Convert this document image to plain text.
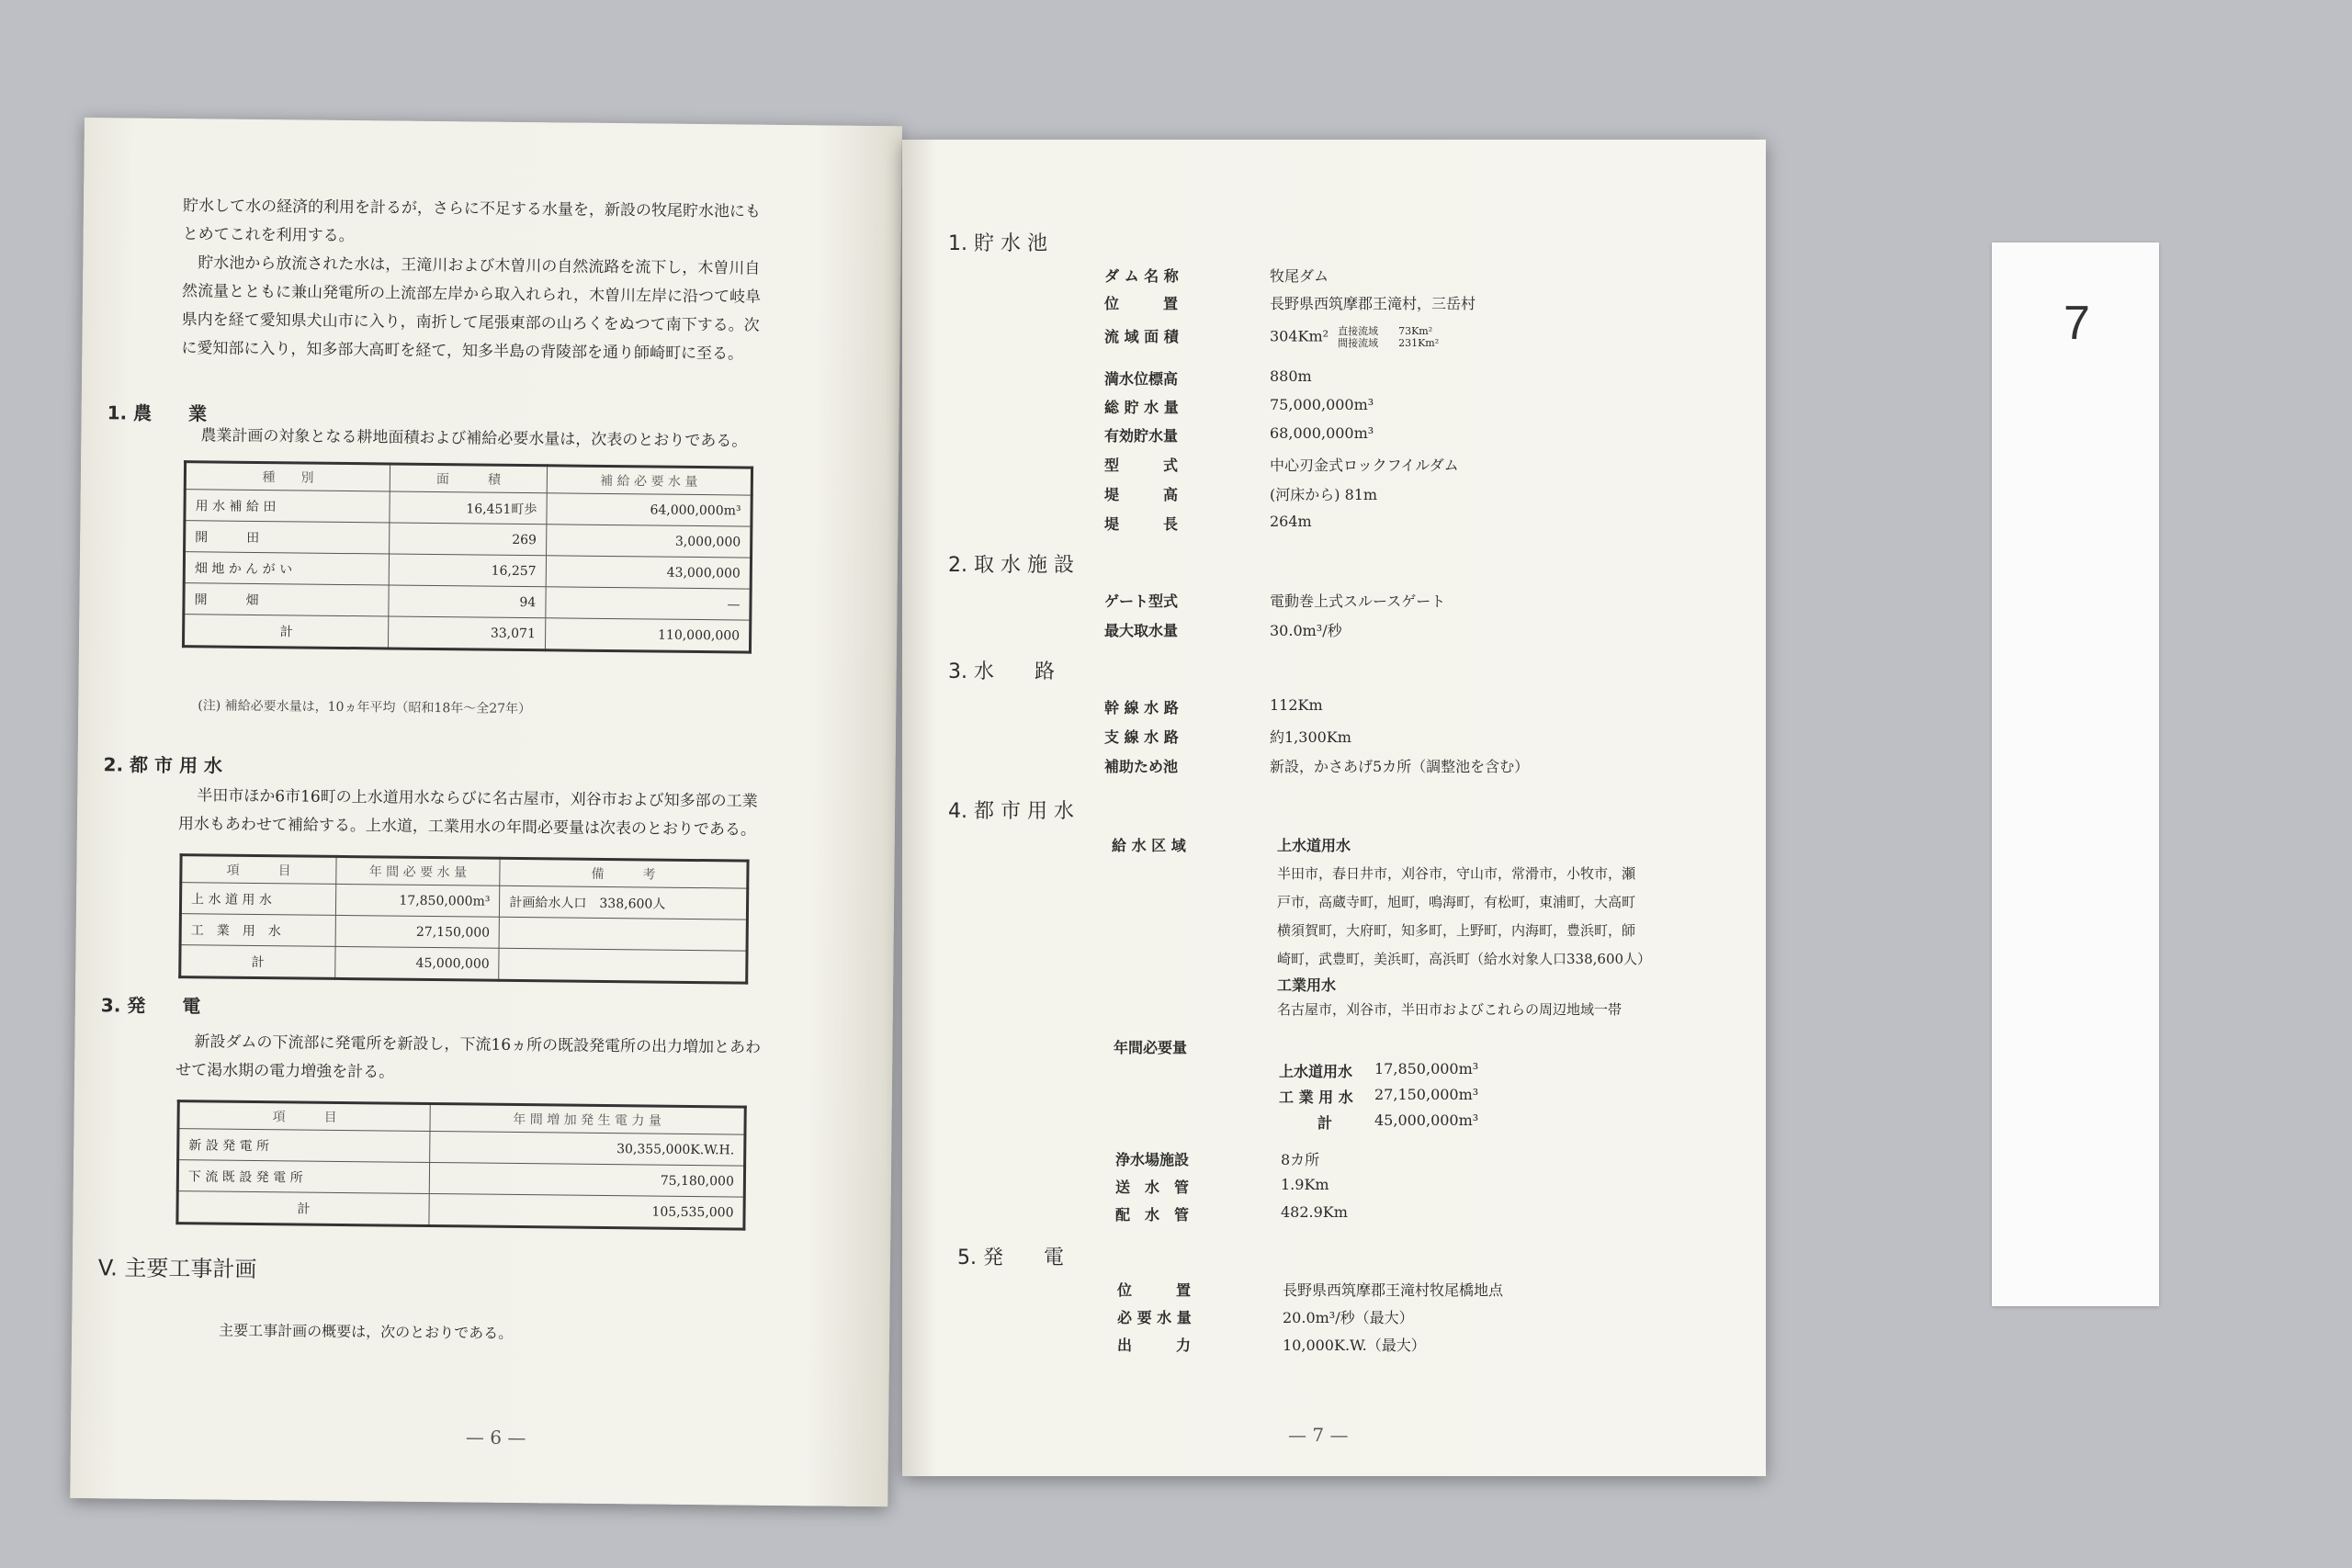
貯水して水の経済的利用を計るが，さらに不足する水量を，新設の牧尾貯水池にも

とめてこれを利用する。

　貯水池から放流された水は，王滝川および木曽川の自然流路を流下し，木曽川自

然流量とともに兼山発電所の上流部左岸から取入れられ，木曽川左岸に沿つて岐阜

県内を経て愛知県犬山市に入り，南折して尾張東部の山ろくをぬつて南下する。次

に愛知部に入り，知多部大高町を経て，知多半島の背陵部を通り師崎町に至る。

1. 農　　業

農業計画の対象となる耕地面積および補給必要水量は，次表のとおりである。

種　　別	面　　　積	補 給 必 要 水 量
用 水 補 給 田	16,451町歩	64,000,000m³
開　　　田	269	3,000,000
畑 地 か ん が い	16,257	43,000,000
開　　　畑	94	—
計	33,071	110,000,000
(注) 補給必要水量は，10ヵ年平均（昭和18年〜全27年）
2. 都 市 用 水

半田市ほか6市16町の上水道用水ならびに名古屋市，刈谷市および知多部の工業

用水もあわせて補給する。上水道，工業用水の年間必要量は次表のとおりである。

項　　　目	年 間 必 要 水 量	備　　　考
上 水 道 用 水	17,850,000m³	計画給水人口　338,600人
工　業　用　水	27,150,000	
計	45,000,000	
3. 発　　電

新設ダムの下流部に発電所を新設し，下流16ヵ所の既設発電所の出力増加とあわ

せて渇水期の電力増強を計る。

項　　　目	年 間 増 加 発 生 電 力 量
新 設 発 電 所	30,355,000K.W.H.
下 流 既 設 発 電 所	75,180,000
計	105,535,000
V. 主要工事計画

主要工事計画の概要は，次のとおりである。

— 6 —
1. 貯 水 池
ダ ム 名 称	牧尾ダム
位　　　置	長野県西筑摩郡王滝村，三岳村
流 域 面 積	304Km² 直接流域　　73Km²
間接流域　　231Km²
満水位標高	880m
総 貯 水 量	75,000,000m³
有効貯水量	68,000,000m³
型　　　式	中心刃金式ロックフイルダム
堤　　　高	(河床から) 81m
堤　　　長	264m
2. 取 水 施 設
ゲート型式	電動巻上式スルースゲート
最大取水量	30.0m³/秒
3. 水　　路
幹 線 水 路	112Km
支 線 水 路	約1,300Km
補助ため池	新設，かさあげ5カ所（調整池を含む）
4. 都 市 用 水
給 水 区 域	上水道用水
半田市，春日井市，刈谷市，守山市，常滑市，小牧市，瀬
戸市，高蔵寺町，旭町，鳴海町，有松町，東浦町，大高町
横須賀町，大府町，知多町，上野町，内海町，豊浜町，師
崎町，武豊町，美浜町，高浜町（給水対象人口338,600人）
工業用水
名古屋市，刈谷市，半田市およびこれらの周辺地域一帯
年間必要量
上水道用水	17,850,000m³
工 業 用 水	27,150,000m³
計	45,000,000m³
浄水場施設	8カ所
送　水　管	1.9Km
配　水　管	482.9Km
5. 発　　電
位　　　置	長野県西筑摩郡王滝村牧尾橋地点
必 要 水 量	20.0m³/秒（最大）
出　　　力	10,000K.W.（最大）
— 7 —
7
